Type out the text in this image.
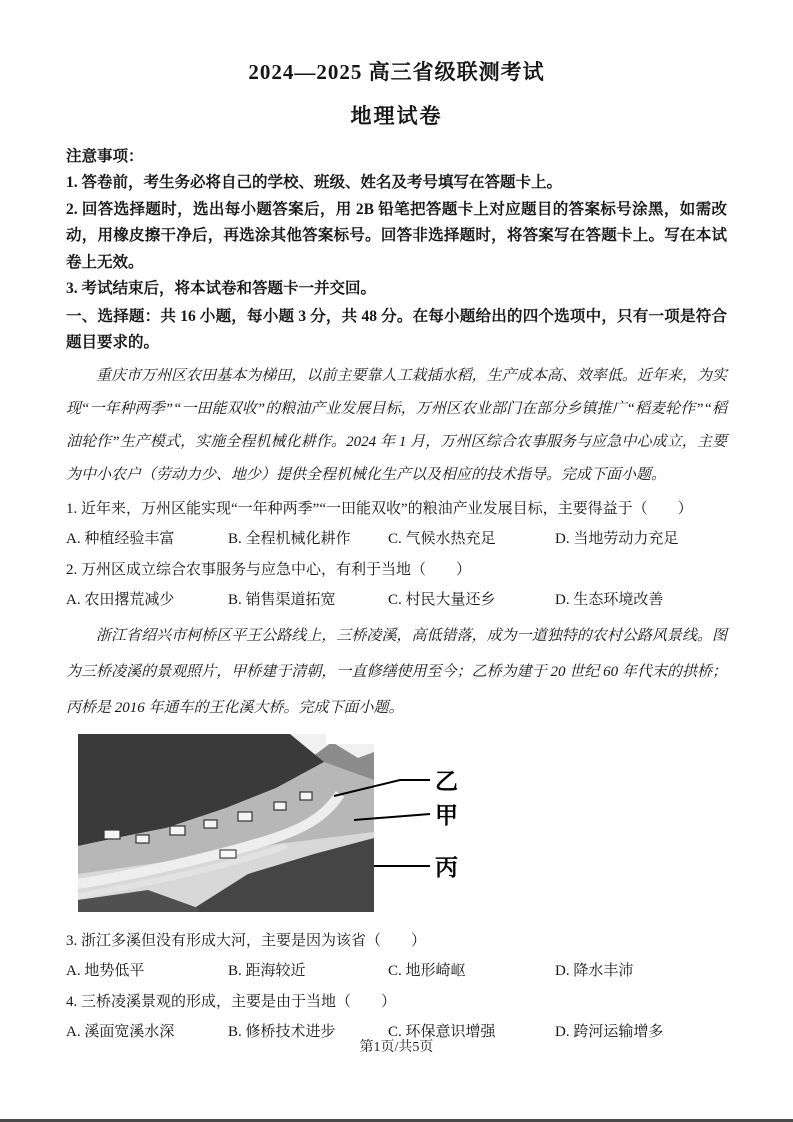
2024—2025 高三省级联测考试
地理试卷
注意事项：

1. 答卷前，考生务必将自己的学校、班级、姓名及考号填写在答题卡上。

2. 回答选择题时，选出每小题答案后，用 2B 铅笔把答题卡上对应题目的答案标号涂黑，如需改动，用橡皮擦干净后，再选涂其他答案标号。回答非选择题时，将答案写在答题卡上。写在本试卷上无效。

3. 考试结束后，将本试卷和答题卡一并交回。

一、选择题：共 16 小题，每小题 3 分，共 48 分。在每小题给出的四个选项中，只有一项是符合题目要求的。

重庆市万州区农田基本为梯田，以前主要靠人工栽插水稻，生产成本高、效率低。近年来，为实现“一年种两季”“一田能双收”的粮油产业发展目标，万州区农业部门在部分乡镇推广“稻麦轮作”“稻油轮作”生产模式，实施全程机械化耕作。2024 年 1 月，万州区综合农事服务与应急中心成立，主要为中小农户（劳动力少、地少）提供全程机械化生产以及相应的技术指导。完成下面小题。

1. 近年来，万州区能实现“一年种两季”“一田能双收”的粮油产业发展目标，主要得益于（　　）

A. 种植经验丰富	B. 全程机械化耕作	C. 气候水热充足	D. 当地劳动力充足

2. 万州区成立综合农事服务与应急中心，有利于当地（　　）

A. 农田撂荒减少	B. 销售渠道拓宽	C. 村民大量还乡	D. 生态环境改善

浙江省绍兴市柯桥区平王公路线上，三桥凌溪，高低错落，成为一道独特的农村公路风景线。图为三桥凌溪的景观照片，甲桥建于清朝，一直修缮使用至今；乙桥为建于 20 世纪 60 年代末的拱桥；丙桥是 2016 年通车的王化溪大桥。完成下面小题。

乙
甲
丙

3. 浙江多溪但没有形成大河，主要是因为该省（　　）

A. 地势低平	B. 距海较近	C. 地形崎岖	D. 降水丰沛

4. 三桥凌溪景观的形成，主要是由于当地（　　）

A. 溪面宽溪水深	B. 修桥技术进步	C. 环保意识增强	D. 跨河运输增多
第1页/共5页
